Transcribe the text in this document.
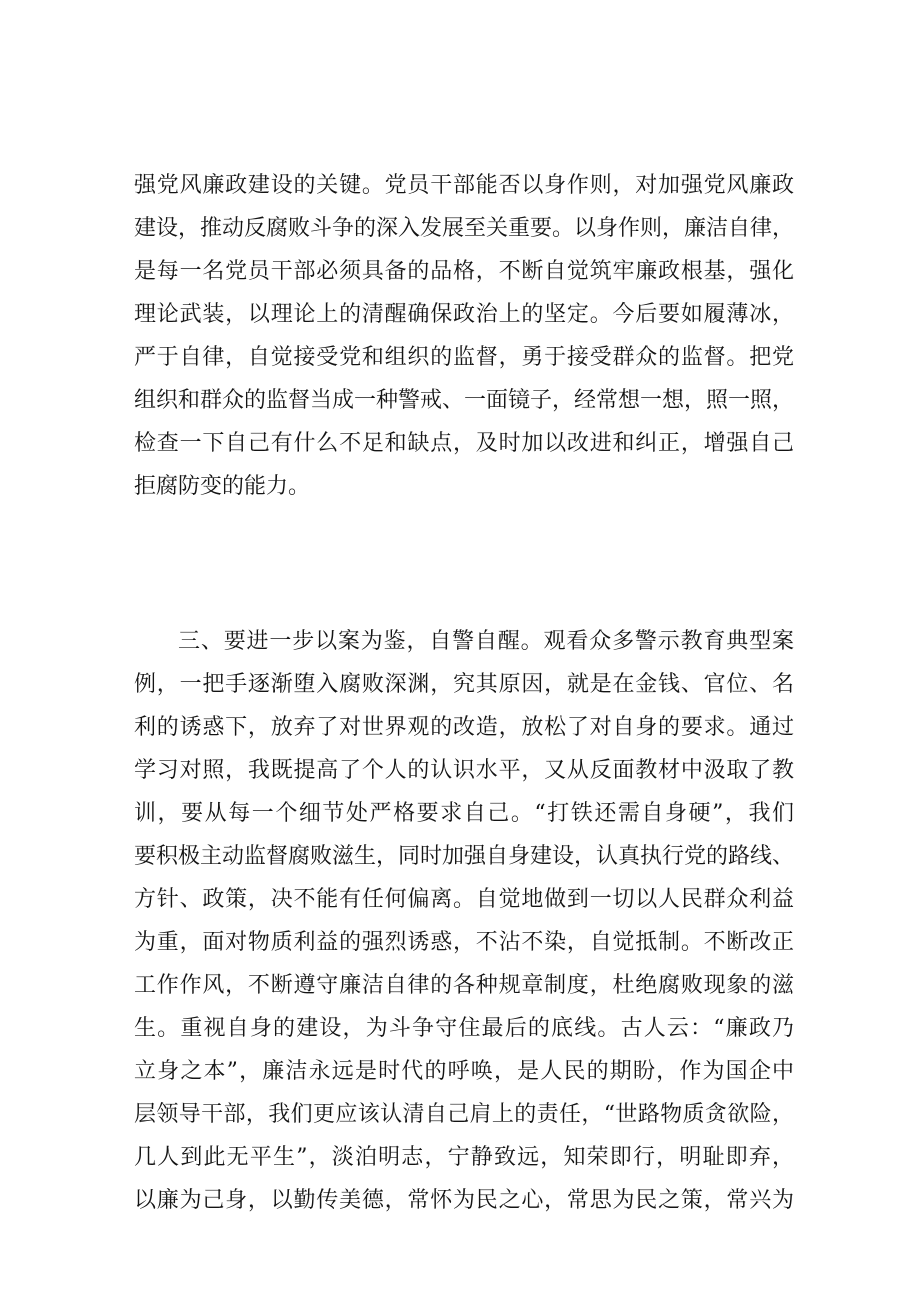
强党风廉政建设的关键。党员干部能否以身作则，对加强党风廉政
建设，推动反腐败斗争的深入发展至关重要。以身作则，廉洁自律，
是每一名党员干部必须具备的品格，不断自觉筑牢廉政根基，强化
理论武装，以理论上的清醒确保政治上的坚定。今后要如履薄冰，
严于自律，自觉接受党和组织的监督，勇于接受群众的监督。把党
组织和群众的监督当成一种警戒、一面镜子，经常想一想，照一照，
检查一下自己有什么不足和缺点，及时加以改进和纠正，增强自己
拒腐防变的能力。
三、要进一步以案为鉴，自警自醒。观看众多警示教育典型案
例，一把手逐渐堕入腐败深渊，究其原因，就是在金钱、官位、名
利的诱惑下，放弃了对世界观的改造，放松了对自身的要求。通过
学习对照，我既提高了个人的认识水平，又从反面教材中汲取了教
训，要从每一个细节处严格要求自己。“打铁还需自身硬”，我们
要积极主动监督腐败滋生，同时加强自身建设，认真执行党的路线、
方针、政策，决不能有任何偏离。自觉地做到一切以人民群众利益
为重，面对物质利益的强烈诱惑，不沾不染，自觉抵制。不断改正
工作作风，不断遵守廉洁自律的各种规章制度，杜绝腐败现象的滋
生。重视自身的建设，为斗争守住最后的底线。古人云：“廉政乃
立身之本”，廉洁永远是时代的呼唤，是人民的期盼，作为国企中
层领导干部，我们更应该认清自己肩上的责任，“世路物质贪欲险，
几人到此无平生”，淡泊明志，宁静致远，知荣即行，明耻即弃，
以廉为己身，以勤传美德，常怀为民之心，常思为民之策，常兴为
